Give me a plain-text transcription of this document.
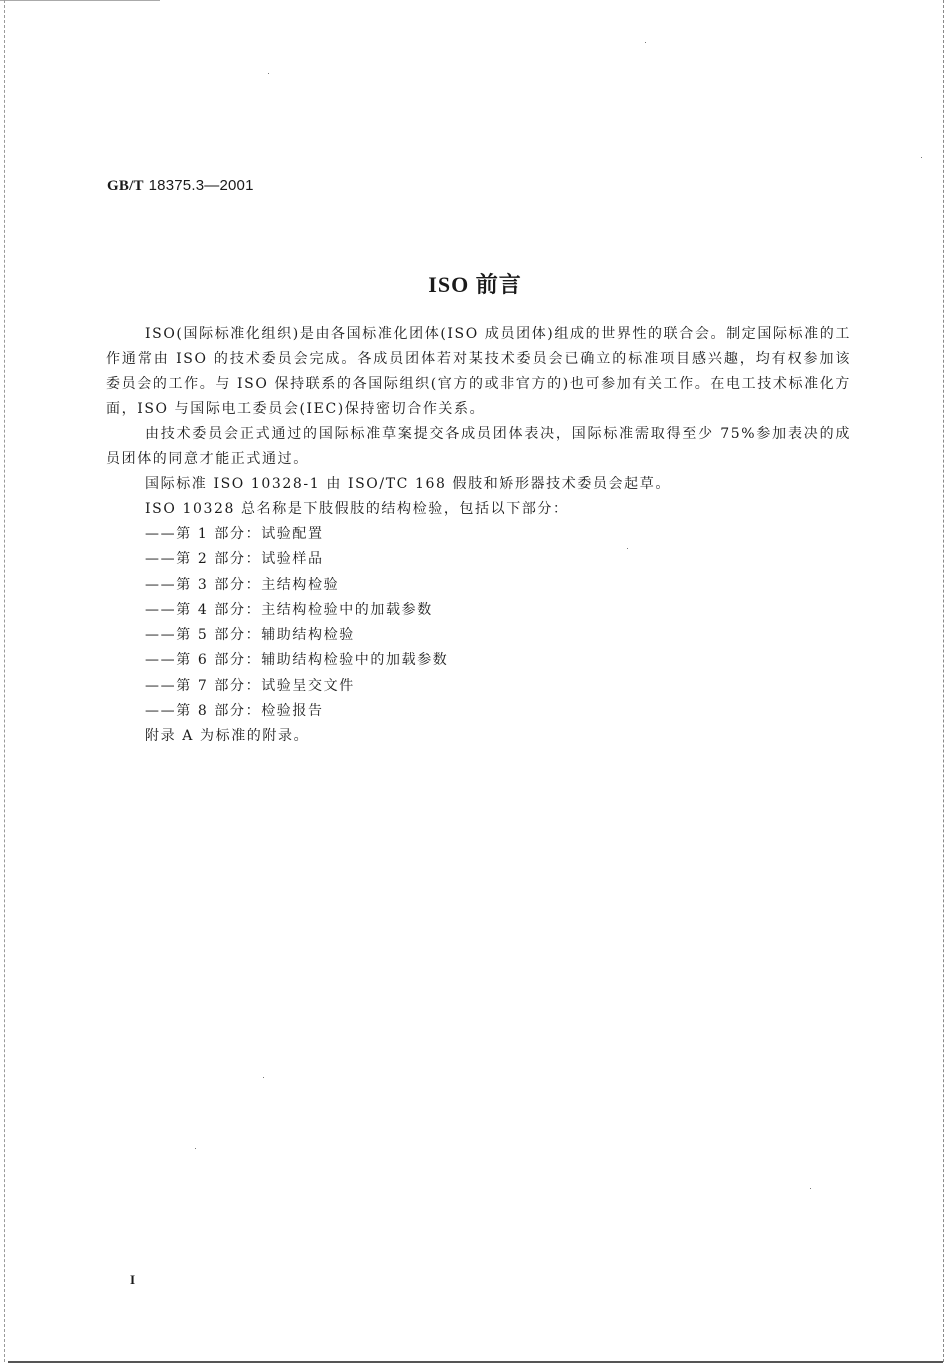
GB/T 18375.3—2001
ISO 前言

ISO(国际标准化组织)是由各国标准化团体(ISO 成员团体)组成的世界性的联合会。制定国际标准的工作通常由 ISO 的技术委员会完成。各成员团体若对某技术委员会已确立的标准项目感兴趣，均有权参加该委员会的工作。与 ISO 保持联系的各国际组织(官方的或非官方的)也可参加有关工作。在电工技术标准化方面，ISO 与国际电工委员会(IEC)保持密切合作关系。

由技术委员会正式通过的国际标准草案提交各成员团体表决，国际标准需取得至少 75%参加表决的成员团体的同意才能正式通过。

国际标准 ISO 10328-1 由 ISO/TC 168 假肢和矫形器技术委员会起草。

ISO 10328 总名称是下肢假肢的结构检验，包括以下部分：

——第 1 部分：试验配置

——第 2 部分：试验样品

——第 3 部分：主结构检验

——第 4 部分：主结构检验中的加载参数

——第 5 部分：辅助结构检验

——第 6 部分：辅助结构检验中的加载参数

——第 7 部分：试验呈交文件

——第 8 部分：检验报告

附录 A 为标准的附录。

I
